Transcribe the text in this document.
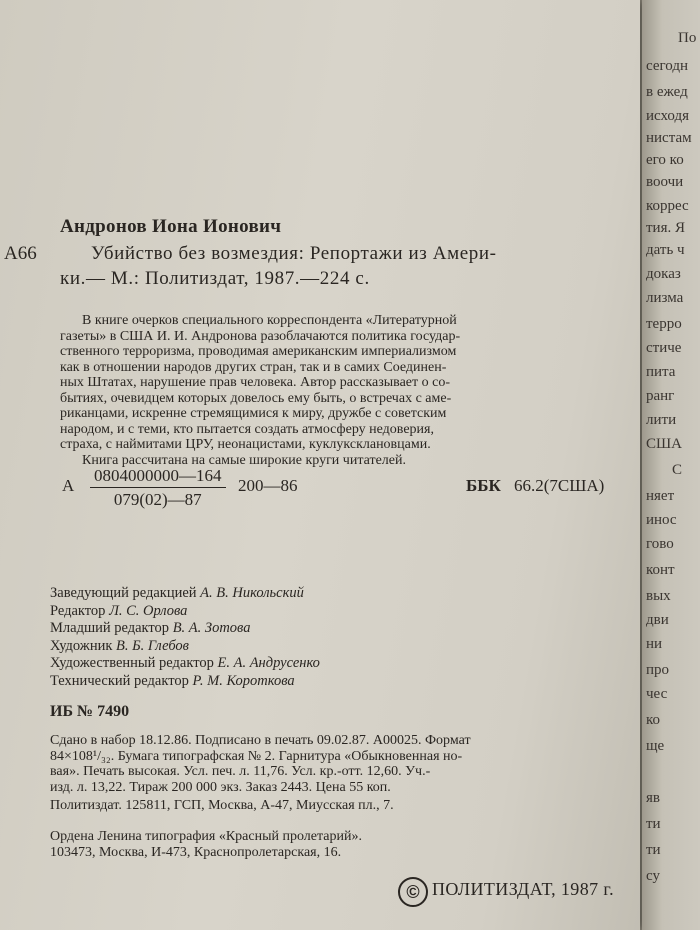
Андронов Иона Ионович
А66	Убийство без возмездия: Репортажи из Амери-
ки.— М.: Политиздат, 1987.—224 с.
В книге очерков специального корреспондента «Литературной
газеты» в США И. И. Андронова разоблачаются политика государ-
ственного терроризма, проводимая американским империализмом
как в отношении народов других стран, так и в самих Соединен-
ных Штатах, нарушение прав человека. Автор рассказывает о со-
бытиях, очевидцем которых довелось ему быть, о встречах с аме-
риканцами, искренне стремящимися к миру, дружбе с советским
народом, и с теми, кто пытается создать атмосферу недоверия,
страха, с наймитами ЦРУ, неонацистами, куклуксклановцами.
Книга рассчитана на самые широкие круги читателей.
А $\frac{0804000000—164}{079(02)—87}$ 200—86	ББК 66.2(7США)
Заведующий редакцией А. В. Никольский
Редактор Л. С. Орлова
Младший редактор В. А. Зотова
Художник В. Б. Глебов
Художественный редактор Е. А. Андрусенко
Технический редактор Р. М. Короткова
ИБ № 7490
Сдано в набор 18.12.86. Подписано в печать 09.02.87. А00025. Формат
84×108¹/₃₂. Бумага типографская № 2. Гарнитура «Обыкновенная но-
вая». Печать высокая. Усл. печ. л. 11,76. Усл. кр.-отт. 12,60. Уч.-
изд. л. 13,22. Тираж 200 000 экз. Заказ 2443. Цена 55 коп.
Политиздат. 125811, ГСП, Москва, А-47, Миусская пл., 7.
Ордена Ленина типография «Красный пролетарий».
103473, Москва, И-473, Краснопролетарская, 16.
© ПОЛИТИЗДАТ, 1987 г.
По
сегодн
в ежед
исходя
нистам
его ко
воочи
коррес
тия. Я
дать ч
доказ
лизма
терро
стиче
пита
ранг
лити
США
С
няет
инос
гово
конт
вых
дви
ни
про
чес
ко
ще
яв
ти
ти
су
